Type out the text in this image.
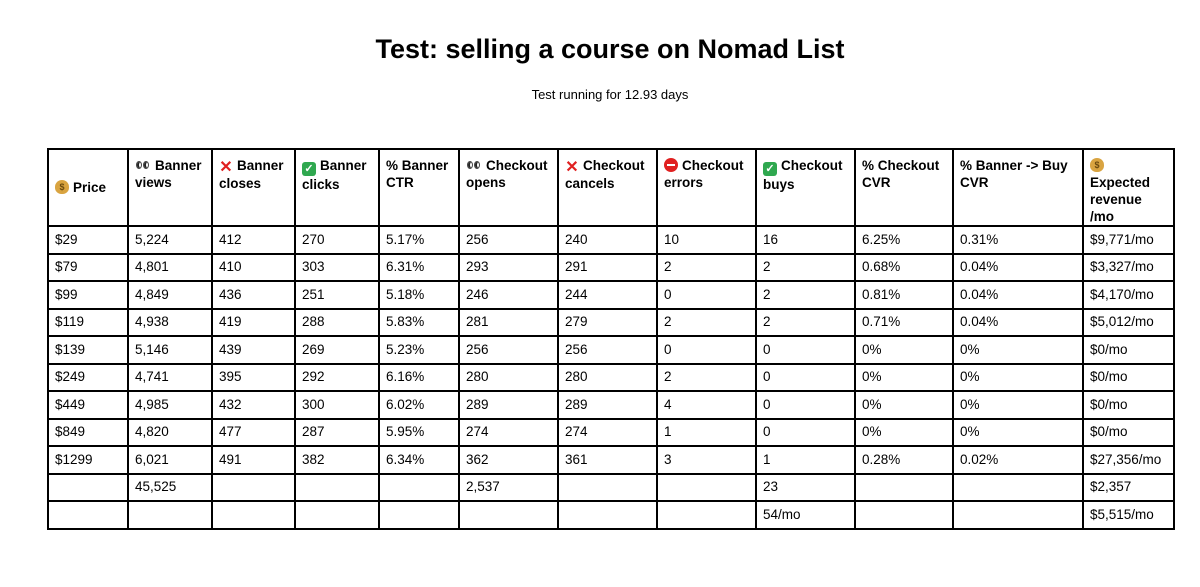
Test: selling a course on Nomad List
Test running for 12.93 days
$Price	Banner views	✕ Banner closes	✓ Banner clicks	% Banner CTR	Checkout opens	✕ Checkout cancels	Checkout errors	✓ Checkout buys	% Checkout CVR	% Banner -> Buy CVR	$Expected revenue /mo
$29	5,224	412	270	5.17%	256	240	10	16	6.25%	0.31%	$9,771/mo
$79	4,801	410	303	6.31%	293	291	2	2	0.68%	0.04%	$3,327/mo
$99	4,849	436	251	5.18%	246	244	0	2	0.81%	0.04%	$4,170/mo
$119	4,938	419	288	5.83%	281	279	2	2	0.71%	0.04%	$5,012/mo
$139	5,146	439	269	5.23%	256	256	0	0	0%	0%	$0/mo
$249	4,741	395	292	6.16%	280	280	2	0	0%	0%	$0/mo
$449	4,985	432	300	6.02%	289	289	4	0	0%	0%	$0/mo
$849	4,820	477	287	5.95%	274	274	1	0	0%	0%	$0/mo
$1299	6,021	491	382	6.34%	362	361	3	1	0.28%	0.02%	$27,356/mo
	45,525				2,537			23			$2,357
								54/mo			$5,515/mo
